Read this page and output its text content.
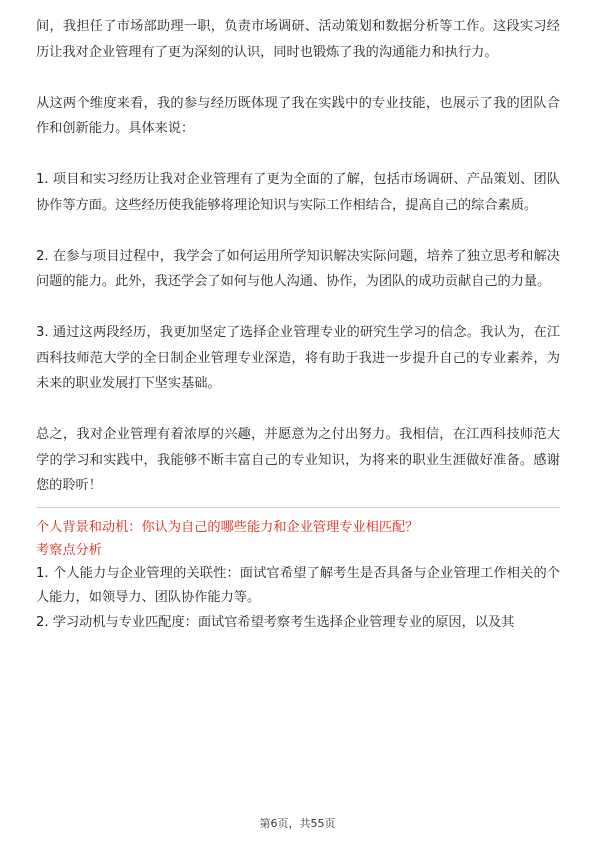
间，我担任了市场部助理一职，负责市场调研、活动策划和数据分析等工作。这段实习经历让我对企业管理有了更为深刻的认识，同时也锻炼了我的沟通能力和执行力。

从这两个维度来看，我的参与经历既体现了我在实践中的专业技能，也展示了我的团队合作和创新能力。具体来说：

1. 项目和实习经历让我对企业管理有了更为全面的了解，包括市场调研、产品策划、团队协作等方面。这些经历使我能够将理论知识与实际工作相结合，提高自己的综合素质。

2. 在参与项目过程中，我学会了如何运用所学知识解决实际问题，培养了独立思考和解决问题的能力。此外，我还学会了如何与他人沟通、协作，为团队的成功贡献自己的力量。

3. 通过这两段经历，我更加坚定了选择企业管理专业的研究生学习的信念。我认为，在江西科技师范大学的全日制企业管理专业深造，将有助于我进一步提升自己的专业素养，为未来的职业发展打下坚实基础。

总之，我对企业管理有着浓厚的兴趣，并愿意为之付出努力。我相信，在江西科技师范大学的学习和实践中，我能够不断丰富自己的专业知识，为将来的职业生涯做好准备。感谢您的聆听！

个人背景和动机：你认为自己的哪些能力和企业管理专业相匹配？

考察点分析

1. 个人能力与企业管理的关联性：面试官希望了解考生是否具备与企业管理工作相关的个人能力，如领导力、团队协作能力等。

2. 学习动机与专业匹配度：面试官希望考察考生选择企业管理专业的原因，以及其

第6页，共55页
